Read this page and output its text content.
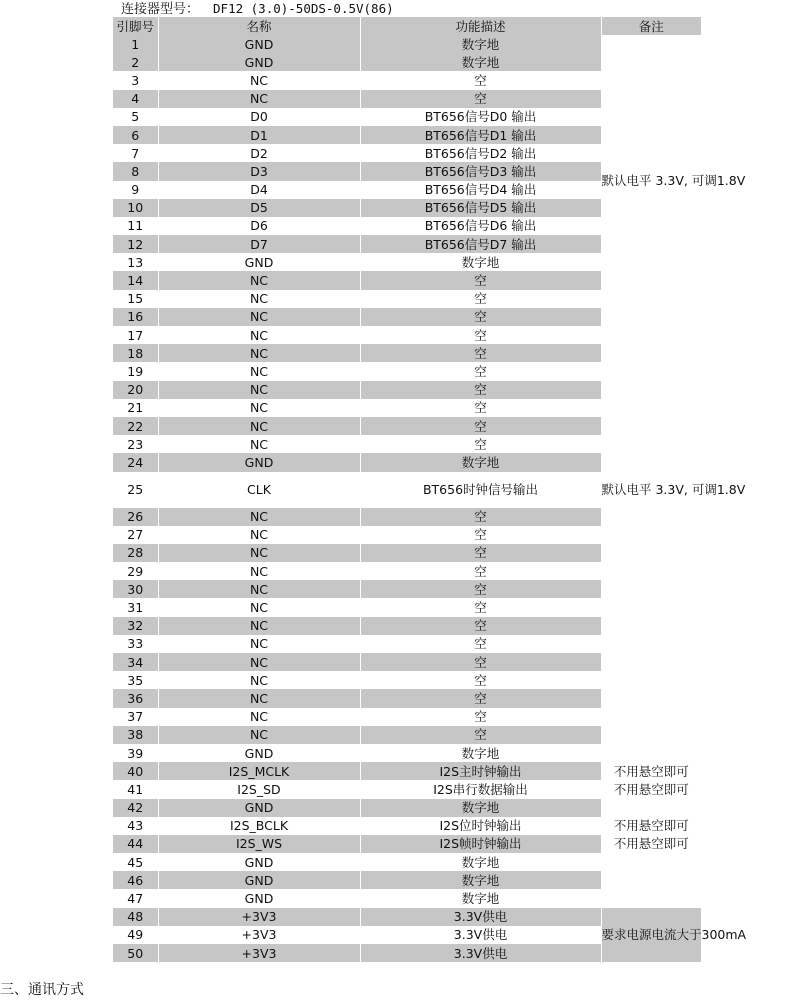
连接器型号： DF12 (3.0)-50DS-0.5V(86)
引脚号	名称	功能描述	备注
1	GND	数字地	
2	GND	数字地	
3	NC	空	
4	NC	空	
5	D0	BT656信号D0 输出	默认电平 3.3V, 可调1.8V
6	D1	BT656信号D1 输出	
7	D2	BT656信号D2 输出	
8	D3	BT656信号D3 输出	
9	D4	BT656信号D4 输出	
10	D5	BT656信号D5 输出	
11	D6	BT656信号D6 输出	
12	D7	BT656信号D7 输出	
13	GND	数字地	
14	NC	空	
15	NC	空	
16	NC	空	
17	NC	空	
18	NC	空	
19	NC	空	
20	NC	空	
21	NC	空	
22	NC	空	
23	NC	空	
24	GND	数字地	
25	CLK	BT656时钟信号输出	默认电平 3.3V, 可调1.8V
26	NC	空	
27	NC	空	
28	NC	空	
29	NC	空	
30	NC	空	
31	NC	空	
32	NC	空	
33	NC	空	
34	NC	空	
35	NC	空	
36	NC	空	
37	NC	空	
38	NC	空	
39	GND	数字地	
40	I2S_MCLK	I2S主时钟输出	不用悬空即可
41	I2S_SD	I2S串行数据输出	不用悬空即可
42	GND	数字地	
43	I2S_BCLK	I2S位时钟输出	不用悬空即可
44	I2S_WS	I2S帧时钟输出	不用悬空即可
45	GND	数字地	
46	GND	数字地	
47	GND	数字地	
48	+3V3	3.3V供电	要求电源电流大于300mA
49	+3V3	3.3V供电	
50	+3V3	3.3V供电	
三、通讯方式
